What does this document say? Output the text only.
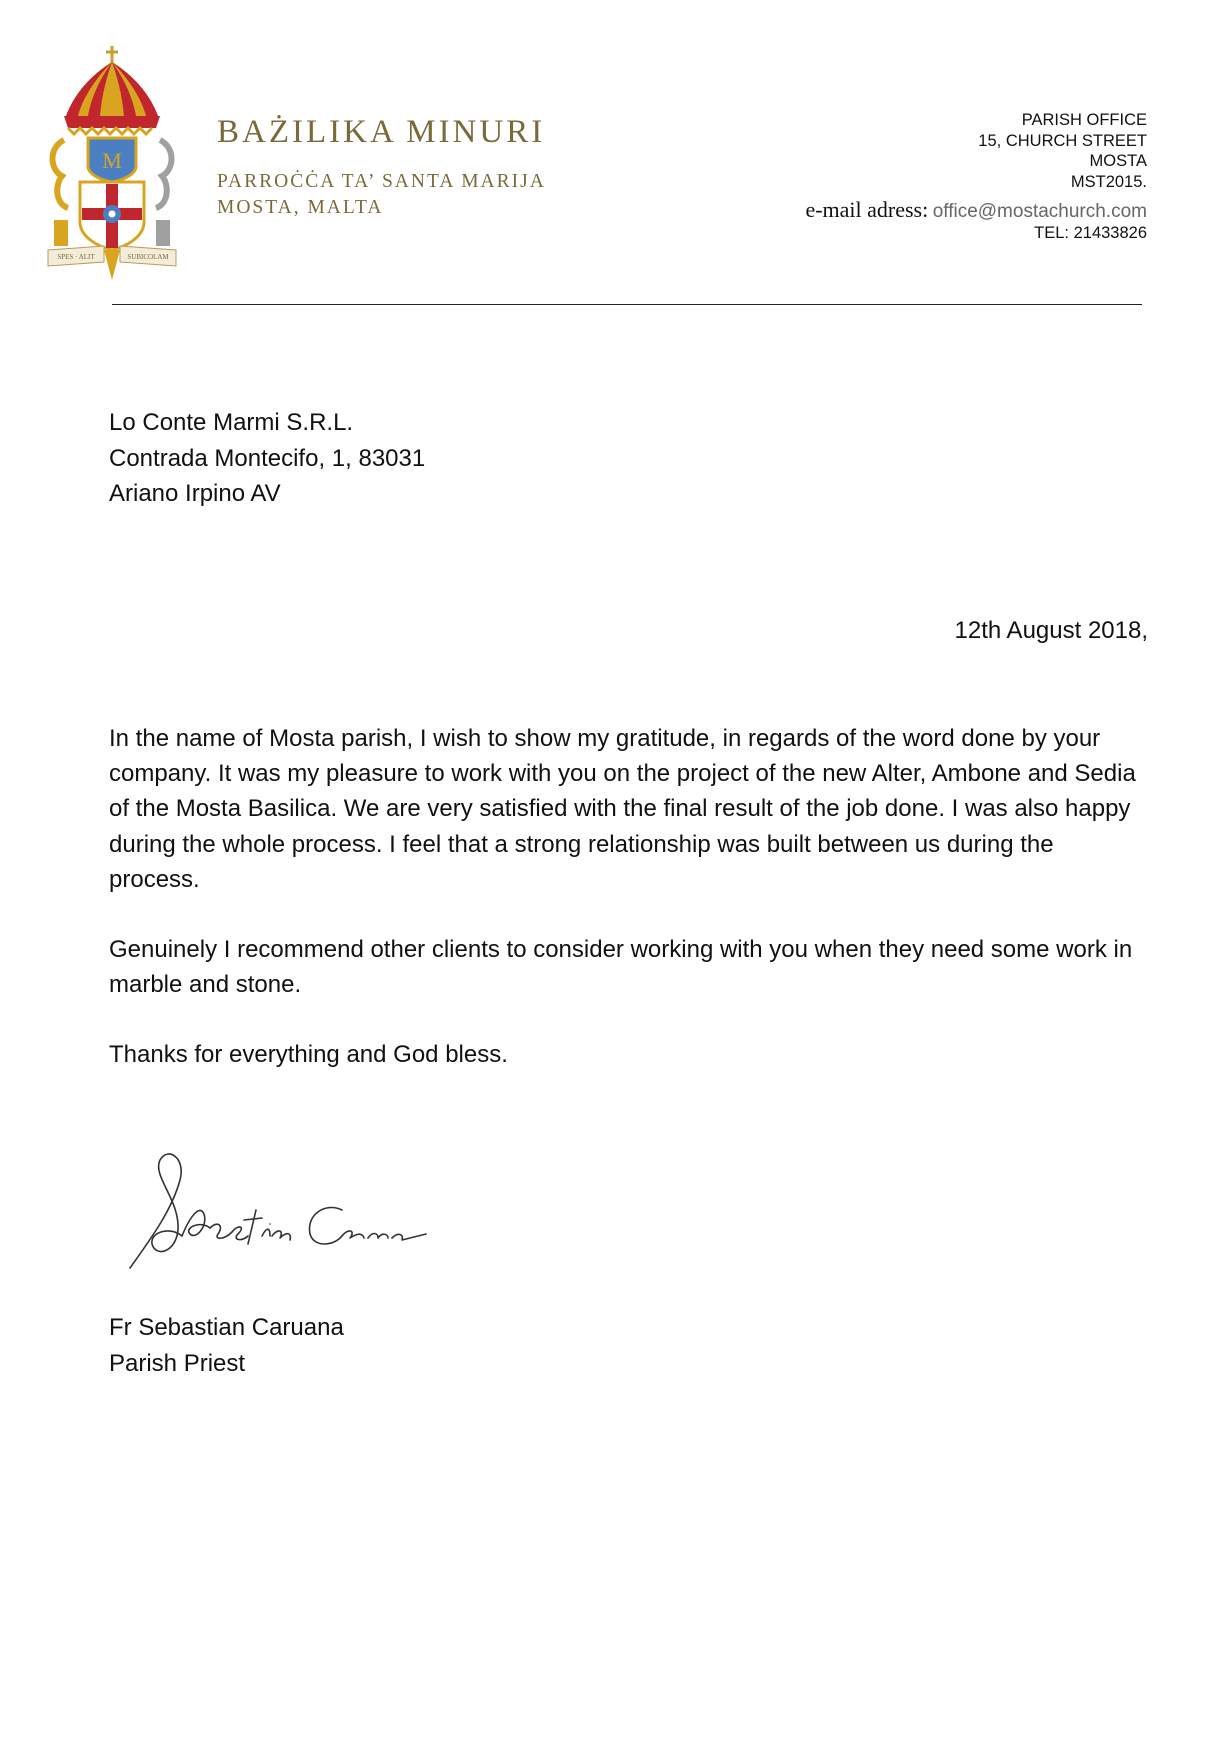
M
SPES · ALIT	SUBICOLAM
BAŻILIKA MINURI
PARROĊĊA TA’ SANTA MARIJA
MOSTA, MALTA
PARISH OFFICE
15, CHURCH STREET
MOSTA
MST2015.
e-mail adress: office@mostachurch.com
TEL: 21433826
Lo Conte Marmi S.R.L.
Contrada Montecifo, 1, 83031
Ariano Irpino AV
12th August 2018,

In the name of Mosta parish, I wish to show my gratitude, in regards of the word done by your company. It was my pleasure to work with you on the project of the new Alter, Ambone and Sedia of the Mosta Basilica. We are very satisfied with the final result of the job done. I was also happy during the whole process. I feel that a strong relationship was built between us during the process.

Genuinely I recommend other clients to consider working with you when they need some work in marble and stone.

Thanks for everything and God bless.

Fr Sebastian Caruana
Parish Priest
